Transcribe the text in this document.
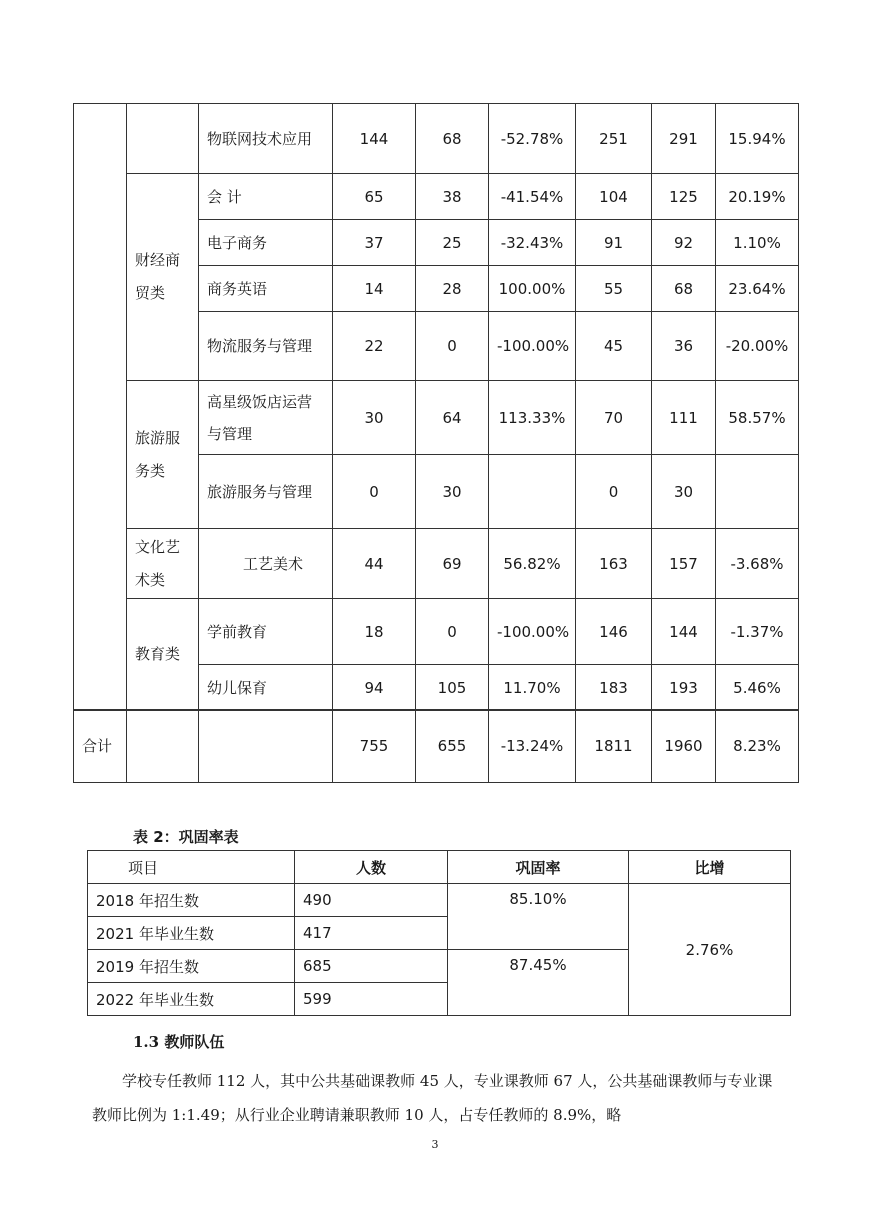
		物联网技术应用	144	68	-52.78%	251	291	15.94%
	财经商贸类	会 计	65	38	-41.54%	104	125	20.19%
		电子商务	37	25	-32.43%	91	92	1.10%
		商务英语	14	28	100.00%	55	68	23.64%
		物流服务与管理	22	0	-100.00%	45	36	-20.00%
	旅游服务类	高星级饭店运营与管理	30	64	113.33%	70	111	58.57%
		旅游服务与管理	0	30		0	30	
	文化艺术类	工艺美术	44	69	56.82%	163	157	-3.68%
	教育类	学前教育	18	0	-100.00%	146	144	-1.37%
		幼儿保育	94	105	11.70%	183	193	5.46%
合计			755	655	-13.24%	1811	1960	8.23%
表 2：巩固率表
项目	人数	巩固率	比增
2018 年招生数	490	85.10%	2.76%
2021 年毕业生数	417		
2019 年招生数	685	87.45%	
2022 年毕业生数	599		
1.3 教师队伍

学校专任教师 112 人，其中公共基础课教师 45 人，专业课教师 67 人，公共基础课教师与专业课教师比例为 1:1.49；从行业企业聘请兼职教师 10 人，占专任教师的 8.9%，略

3
